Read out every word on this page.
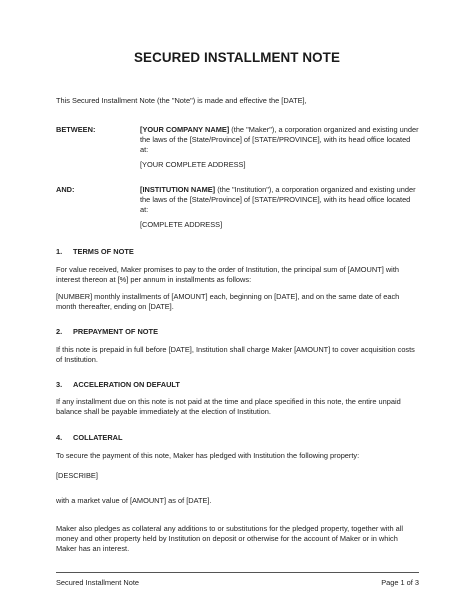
SECURED INSTALLMENT NOTE
This Secured Installment Note (the "Note") is made and effective the [DATE],
BETWEEN:	[YOUR COMPANY NAME] (the "Maker"), a corporation organized and existing under the laws of the [State/Province] of [STATE/PROVINCE], with its head office located at:
[YOUR COMPLETE ADDRESS]
AND:	[INSTITUTION NAME] (the "Institution"), a corporation organized and existing under the laws of the [State/Province] of [STATE/PROVINCE], with its head office located at:
[COMPLETE ADDRESS]
1. TERMS OF NOTE
For value received, Maker promises to pay to the order of Institution, the principal sum of [AMOUNT] with interest thereon at [%] per annum in installments as follows:
[NUMBER] monthly installments of [AMOUNT] each, beginning on [DATE], and on the same date of each month thereafter, ending on [DATE].
2. PREPAYMENT OF NOTE
If this note is prepaid in full before [DATE], Institution shall charge Maker [AMOUNT] to cover acquisition costs of Institution.
3. ACCELERATION ON DEFAULT
If any installment due on this note is not paid at the time and place specified in this note, the entire unpaid balance shall be payable immediately at the election of Institution.
4. COLLATERAL
To secure the payment of this note, Maker has pledged with Institution the following property:
[DESCRIBE]
with a market value of [AMOUNT] as of [DATE].
Maker also pledges as collateral any additions to or substitutions for the pledged property, together with all money and other property held by Institution on deposit or otherwise for the account of Maker or in which Maker has an interest.
Secured Installment Note	Page 1 of 3
